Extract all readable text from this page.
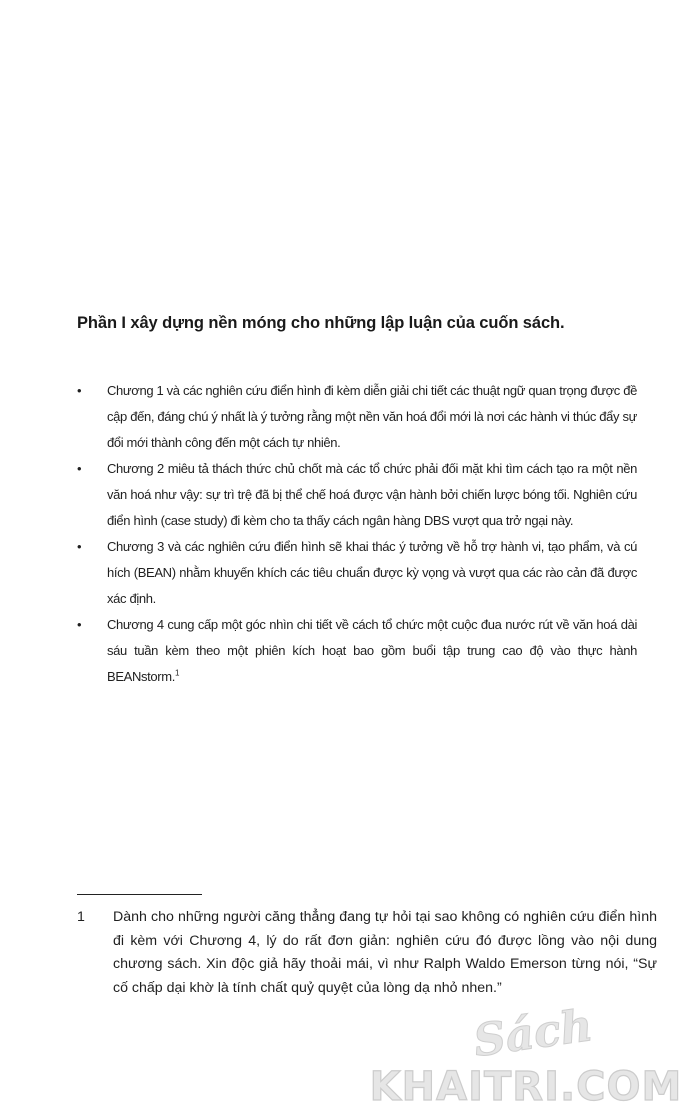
Phần I xây dựng nền móng cho những lập luận của cuốn sách.
•	Chương 1 và các nghiên cứu điển hình đi kèm diễn giải chi tiết các thuật ngữ quan trọng được đề cập đến, đáng chú ý nhất là ý tưởng rằng một nền văn hoá đổi mới là nơi các hành vi thúc đẩy sự đổi mới thành công đến một cách tự nhiên.
•	Chương 2 miêu tả thách thức chủ chốt mà các tổ chức phải đối mặt khi tìm cách tạo ra một nền văn hoá như vậy: sự trì trệ đã bị thể chế hoá được vận hành bởi chiến lược bóng tối. Nghiên cứu điển hình (case study) đi kèm cho ta thấy cách ngân hàng DBS vượt qua trở ngại này.
•	Chương 3 và các nghiên cứu điển hình sẽ khai thác ý tưởng về hỗ trợ hành vi, tạo phẩm, và cú hích (BEAN) nhằm khuyến khích các tiêu chuẩn được kỳ vọng và vượt qua các rào cản đã được xác định.
•	Chương 4 cung cấp một góc nhìn chi tiết về cách tổ chức một cuộc đua nước rút về văn hoá dài sáu tuần kèm theo một phiên kích hoạt bao gồm buổi tập trung cao độ vào thực hành BEANstorm.$^1$
1 Dành cho những người căng thẳng đang tự hỏi tại sao không có nghiên cứu điển hình đi kèm với Chương 4, lý do rất đơn giản: nghiên cứu đó được lồng vào nội dung chương sách. Xin độc giả hãy thoải mái, vì như Ralph Waldo Emerson từng nói, “Sự cố chấp dại khờ là tính chất quỷ quyệt của lòng dạ nhỏ nhen.”
Sách
KHAITRI.COM
